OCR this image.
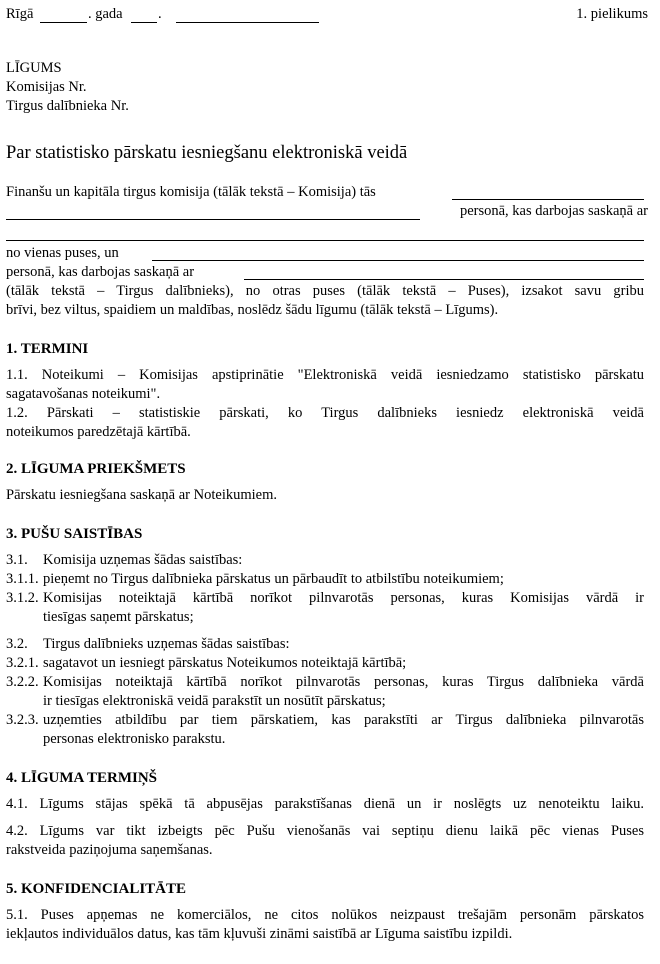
Rīgā	. gada .	1. pielikums
LĪGUMS
Komisijas Nr.
Tirgus dalībnieka Nr.
Par statistisko pārskatu iesniegšanu elektroniskā veidā
Finanšu un kapitāla tirgus komisija (tālāk tekstā – Komisija) tās
personā, kas darbojas saskaņā ar
no vienas puses, un
personā, kas darbojas saskaņā ar
(tālāk tekstā – Tirgus dalībnieks), no otras puses (tālāk tekstā – Puses), izsakot savu gribu
brīvi, bez viltus, spaidiem un maldības, noslēdz šādu līgumu (tālāk tekstā – Līgums).
1. TERMINI
1.1. Noteikumi – Komisijas apstiprinātie "Elektroniskā veidā iesniedzamo statistisko pārskatu
sagatavošanas noteikumi".
1.2. Pārskati – statistiskie pārskati, ko Tirgus dalībnieks iesniedz elektroniskā veidā
noteikumos paredzētajā kārtībā.
2. LĪGUMA PRIEKŠMETS
Pārskatu iesniegšana saskaņā ar Noteikumiem.
3. PUŠU SAISTĪBAS
3.1. Komisija uzņemas šādas saistības:
3.1.1. pieņemt no Tirgus dalībnieka pārskatus un pārbaudīt to atbilstību noteikumiem;
3.1.2. Komisijas noteiktajā kārtībā norīkot pilnvarotās personas, kuras Komisijas vārdā ir
tiesīgas saņemt pārskatus;
3.2. Tirgus dalībnieks uzņemas šādas saistības:
3.2.1. sagatavot un iesniegt pārskatus Noteikumos noteiktajā kārtībā;
3.2.2. Komisijas noteiktajā kārtībā norīkot pilnvarotās personas, kuras Tirgus dalībnieka vārdā
ir tiesīgas elektroniskā veidā parakstīt un nosūtīt pārskatus;
3.2.3. uzņemties atbildību par tiem pārskatiem, kas parakstīti ar Tirgus dalībnieka pilnvarotās
personas elektronisko parakstu.
4. LĪGUMA TERMIŅŠ
4.1. Līgums stājas spēkā tā abpusējas parakstīšanas dienā un ir noslēgts uz nenoteiktu laiku.
4.2. Līgums var tikt izbeigts pēc Pušu vienošanās vai septiņu dienu laikā pēc vienas Puses
rakstveida paziņojuma saņemšanas.
5. KONFIDENCIALITĀTE
5.1. Puses apņemas ne komerciālos, ne citos nolūkos neizpaust trešajām personām pārskatos
iekļautos individuālos datus, kas tām kļuvuši zināmi saistībā ar Līguma saistību izpildi.
